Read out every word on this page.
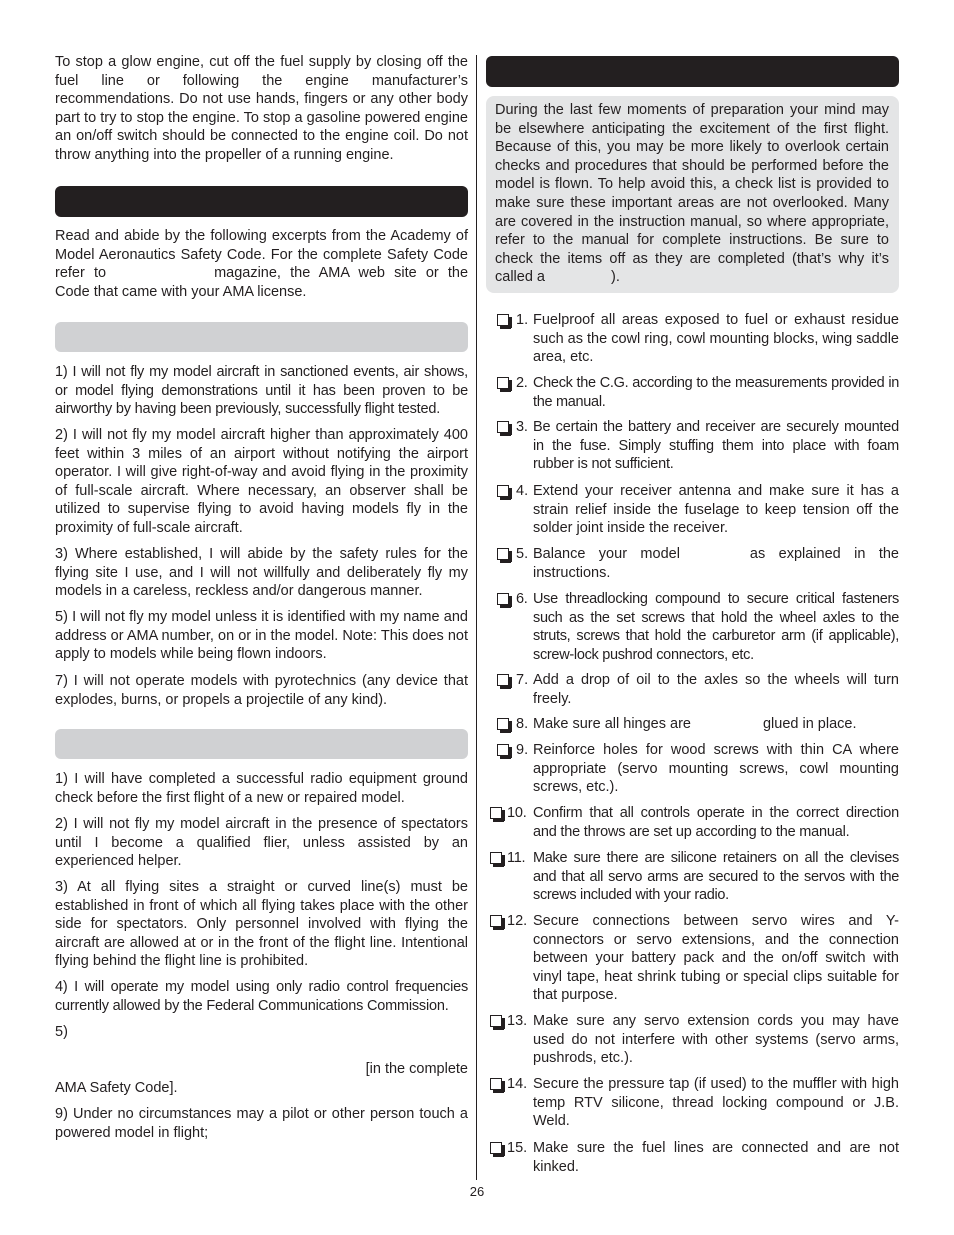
To stop a glow engine, cut off the fuel supply by closing off the fuel line or following the engine manufacturer’s recommendations. Do not use hands, fingers or any other body part to try to stop the engine. To stop a gasoline powered engine an on/off switch should be connected to the engine coil. Do not throw anything into the propeller of a running engine.

Read and abide by the following excerpts from the Academy of Model Aeronautics Safety Code. For the complete Safety Code refer to	magazine, the AMA web site or the Code that came with your AMA license.

1) I will not fly my model aircraft in sanctioned events, air shows, or model flying demonstrations until it has been proven to be airworthy by having been previously, successfully flight tested.

2) I will not fly my model aircraft higher than approximately 400 feet within 3 miles of an airport without notifying the airport operator. I will give right-of-way and avoid flying in the proximity of full-scale aircraft. Where necessary, an observer shall be utilized to supervise flying to avoid having models fly in the proximity of full-scale aircraft.

3) Where established, I will abide by the safety rules for the flying site I use, and I will not willfully and deliberately fly my models in a careless, reckless and/or dangerous manner.

5) I will not fly my model unless it is identified with my name and address or AMA number, on or in the model. Note: This does not apply to models while being flown indoors.

7) I will not operate models with pyrotechnics (any device that explodes, burns, or propels a projectile of any kind).

1) I will have completed a successful radio equipment ground check before the first flight of a new or repaired model.

2) I will not fly my model aircraft in the presence of spectators until I become a qualified flier, unless assisted by an experienced helper.

3) At all flying sites a straight or curved line(s) must be established in front of which all flying takes place with the other side for spectators. Only personnel involved with flying the aircraft are allowed at or in the front of the flight line. Intentional flying behind the flight line is prohibited.

4) I will operate my model using only radio control frequencies currently allowed by the Federal Communications Commission.

5)

[in the complete

AMA Safety Code].

9) Under no circumstances may a pilot or other person touch a powered model in flight;

During the last few moments of preparation your mind may be elsewhere anticipating the excitement of the first flight. Because of this, you may be more likely to overlook certain checks and procedures that should be performed before the model is flown. To help avoid this, a check list is provided to make sure these important areas are not overlooked. Many are covered in the instruction manual, so where appropriate, refer to the manual for complete instructions. Be sure to check the items off as they are completed (that’s why it’s called a	).

1. Fuelproof all areas exposed to fuel or exhaust residue such as the cowl ring, cowl mounting blocks, wing saddle area, etc.
2. Check the C.G. according to the measurements provided in the manual.
3. Be certain the battery and receiver are securely mounted in the fuse. Simply stuffing them into place with foam rubber is not sufficient.
4. Extend your receiver antenna and make sure it has a strain relief inside the fuselage to keep tension off the solder joint inside the receiver.
5. Balance your model	as explained in the instructions.
6. Use threadlocking compound to secure critical fasteners such as the set screws that hold the wheel axles to the struts, screws that hold the carburetor arm (if applicable), screw-lock pushrod connectors, etc.
7. Add a drop of oil to the axles so the wheels will turn freely.
8. Make sure all hinges are	glued in place.
9. Reinforce holes for wood screws with thin CA where appropriate (servo mounting screws, cowl mounting screws, etc.).
10. Confirm that all controls operate in the correct direction and the throws are set up according to the manual.
11. Make sure there are silicone retainers on all the clevises and that all servo arms are secured to the servos with the screws included with your radio.
12. Secure connections between servo wires and Y-connectors or servo extensions, and the connection between your battery pack and the on/off switch with vinyl tape, heat shrink tubing or special clips suitable for that purpose.
13. Make sure any servo extension cords you may have used do not interfere with other systems (servo arms, pushrods, etc.).
14. Secure the pressure tap (if used) to the muffler with high temp RTV silicone, thread locking compound or J.B. Weld.
15. Make sure the fuel lines are connected and are not kinked.
26
